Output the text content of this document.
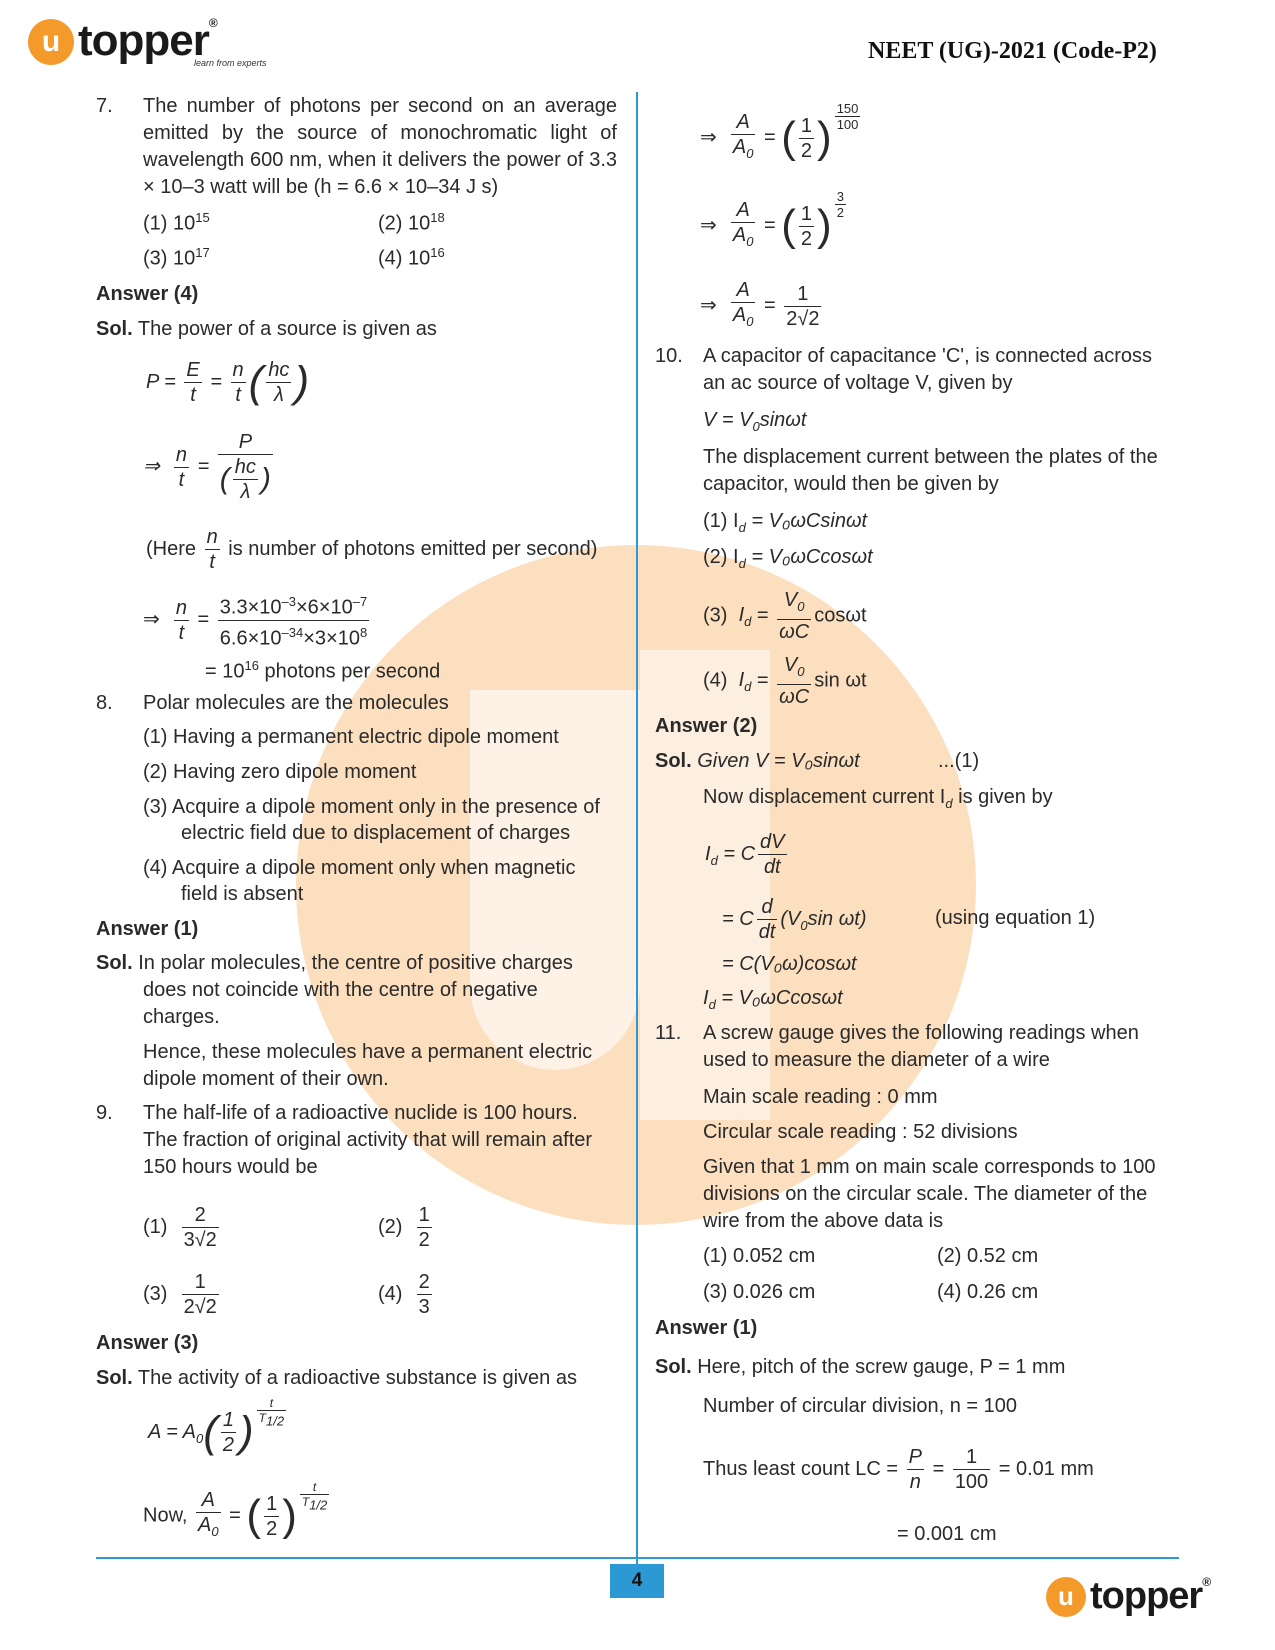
u topper®
learn from experts	NEET (UG)-2021 (Code-P2)
7. The number of photons per second on an average emitted by the source of monochromatic light of wavelength 600 nm, when it delivers the power of 3.3 × 10–3 watt will be (h = 6.6 × 10–34 J s)
(1) $10^{15}$	(2) $10^{18}$
(3) $10^{17}$	(4) $10^{16}$
Answer (4)
Sol. The power of a source is given as
$P = \frac{E}{t} = \frac{n}{t}$ ( $\frac{hc}{\lambda}$ )
⇒ $\frac{n}{t} = \frac{P}{( \frac{hc}{\lambda} )}$
(Here $\frac{n}{t}$ is number of photons emitted per second)
⇒ $\frac{n}{t} = \frac{3.3\times 10^{-3}\times 6\times 10^{-7}}{6.6\times 10^{-34}\times 3\times 10^8}$
= $10^{16}$ photons per second
8. Polar molecules are the molecules
(1) Having a permanent electric dipole moment
(2) Having zero dipole moment
(3) Acquire a dipole moment only in the presence of
electric field due to displacement of charges
(4) Acquire a dipole moment only when magnetic
field is absent
Answer (1)
Sol. In polar molecules, the centre of positive charges
does not coincide with the centre of negative
charges.
Hence, these molecules have a permanent electric
dipole moment of their own.
9. The half-life of a radioactive nuclide is 100 hours. The fraction of original activity that will remain after 150 hours would be
$(1) \frac{2}{3√2}$	$(2) \frac{1}{2}$
$(3) \frac{1}{2√2}$	$(4) \frac{2}{3}$
Answer (3)
Sol. The activity of a radioactive substance is given as
$A = A_0( \frac{1}{2}$ ) $^{\frac{t}{T_{1/2}}}$
Now, $\frac{A}{A_0}$ = ( $\frac{1}{2}$ ) $^{\frac{t}{T_{1/2}}}$
⇒ $\frac{A}{A_0}$ = ( $\frac{1}{2}$ ) $^{\frac{150}{100}}$
⇒ $\frac{A}{A_0}$ = ( $\frac{1}{2}$ ) $^{\frac{3}{2}}$
⇒ $\frac{A}{A_0} = \frac{1}{2√2}$
10. A capacitor of capacitance 'C', is connected across
an ac source of voltage V, given by
$V = V_0\sin\omega t$
The displacement current between the plates of the
capacitor, would then be given by
(1) $I_d = V_0\omega Csin\omega t$
(2) $I_d = V_0\omega Ccos\omega t$
(3) $I_d = \frac{V_0}{\omega C}$ cosωt
(4) $I_d = \frac{V_0}{\omega C}$ sin ωt
Answer (2)
Sol. Given V = V₀sinωt	...(1)
Now displacement current $I_d$ is given by
$I_d = C \frac{dV}{dt}$
= C $\frac{d}{dt} (V_0\sin$ ωt)	(using equation 1)
= C(V₀ω)cosωt
$I_d = V_0\omega Ccos\omega t$
11. A screw gauge gives the following readings when
used to measure the diameter of a wire
Main scale reading : 0 mm
Circular scale reading : 52 divisions
Given that 1 mm on main scale corresponds to 100
divisions on the circular scale. The diameter of the
wire from the above data is
(1) 0.052 cm	(2) 0.52 cm
(3) 0.026 cm	(4) 0.26 cm
Answer (1)
Sol. Here, pitch of the screw gauge, P = 1 mm
Number of circular division, n = 100
Thus least count LC = $\frac{P}{n} = \frac{1}{100} = 0.01$ mm
= 0.001 cm
4
u topper®
